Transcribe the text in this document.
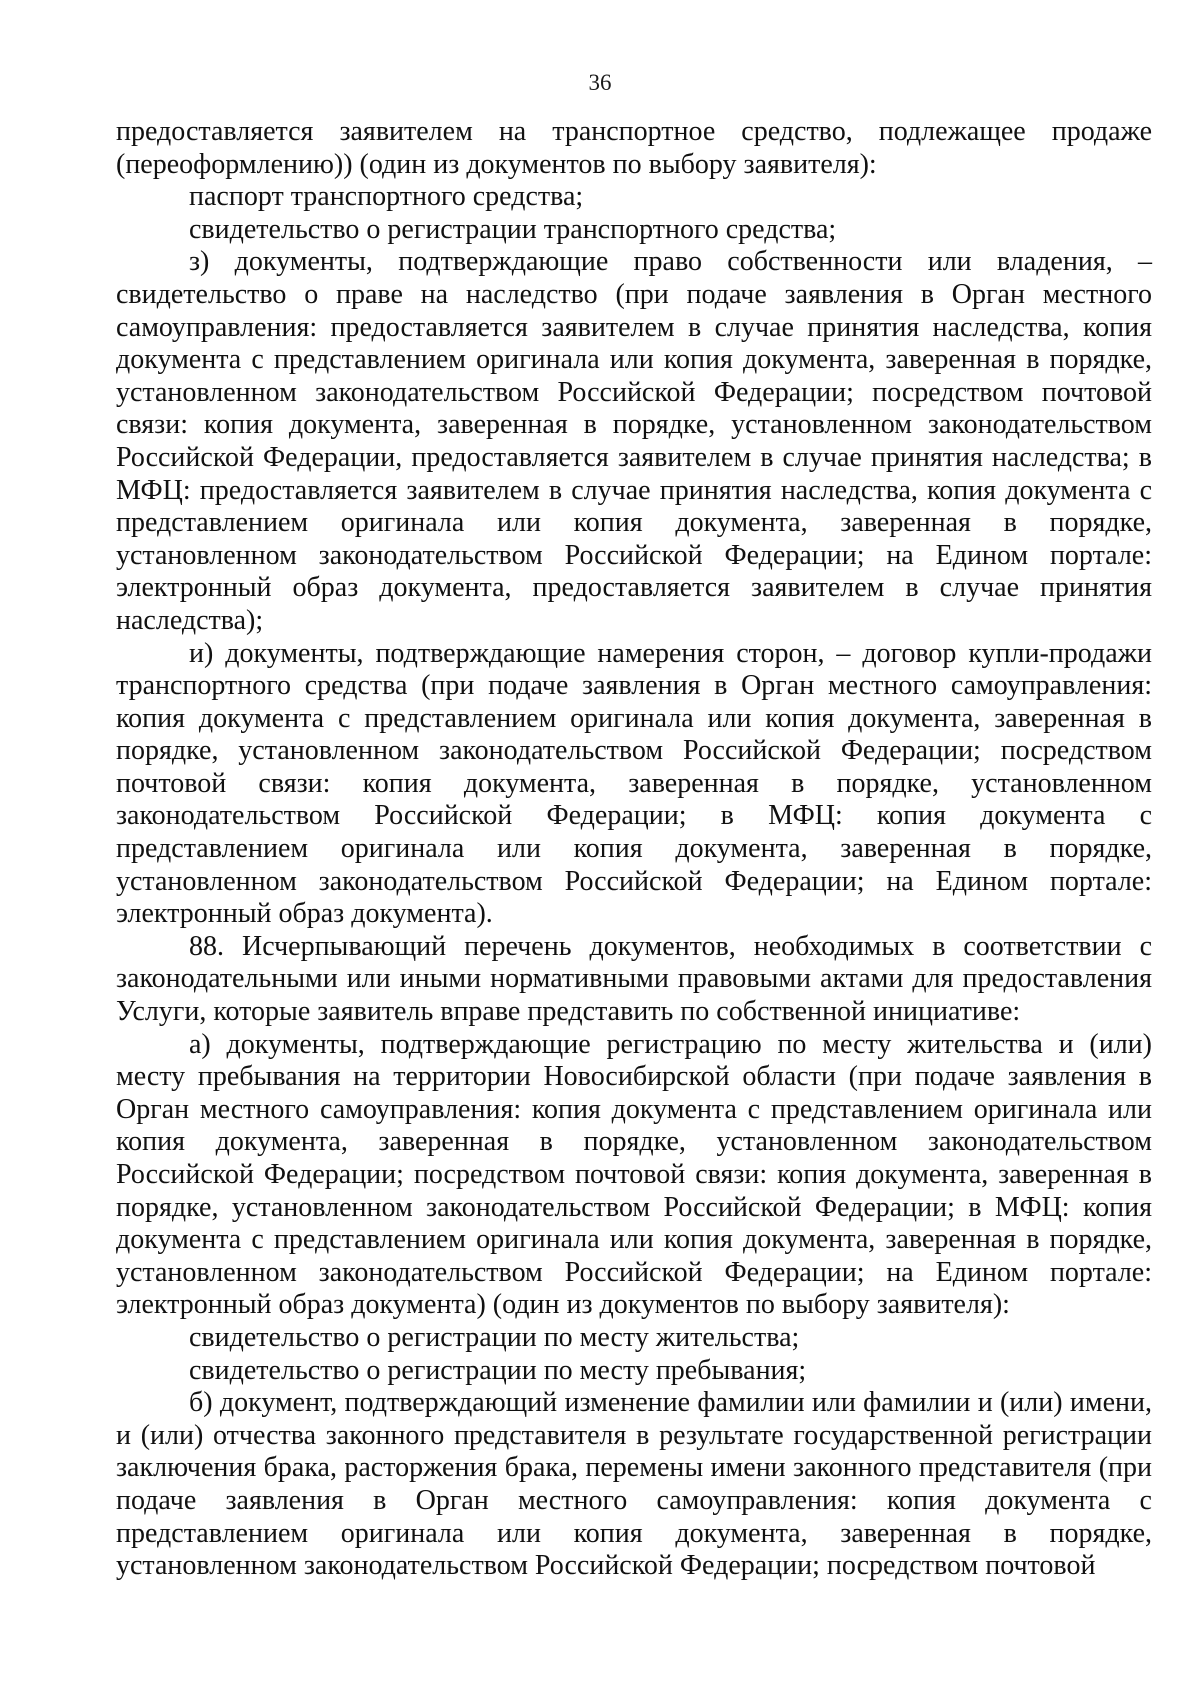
36

предоставляется заявителем на транспортное средство, подлежащее продаже (переоформлению)) (один из документов по выбору заявителя):

паспорт транспортного средства;

свидетельство о регистрации транспортного средства;

з) документы, подтверждающие право собственности или владения, – свидетельство о праве на наследство (при подаче заявления в Орган местного самоуправления: предоставляется заявителем в случае принятия наследства, копия документа с представлением оригинала или копия документа, заверенная в порядке, установленном законодательством Российской Федерации; посредством почтовой связи: копия документа, заверенная в порядке, установленном законодательством Российской Федерации, предоставляется заявителем в случае принятия наследства; в МФЦ: предоставляется заявителем в случае принятия наследства, копия документа с представлением оригинала или копия документа, заверенная в порядке, установленном законодательством Российской Федерации; на Едином портале: электронный образ документа, предоставляется заявителем в случае принятия наследства);

и) документы, подтверждающие намерения сторон, – договор купли-продажи транспортного средства (при подаче заявления в Орган местного самоуправления: копия документа с представлением оригинала или копия документа, заверенная в порядке, установленном законодательством Российской Федерации; посредством почтовой связи: копия документа, заверенная в порядке, установленном законодательством Российской Федерации; в МФЦ: копия документа с представлением оригинала или копия документа, заверенная в порядке, установленном законодательством Российской Федерации; на Едином портале: электронный образ документа).

88. Исчерпывающий перечень документов, необходимых в соответствии с законодательными или иными нормативными правовыми актами для предоставления Услуги, которые заявитель вправе представить по собственной инициативе:

а) документы, подтверждающие регистрацию по месту жительства и (или) месту пребывания на территории Новосибирской области (при подаче заявления в Орган местного самоуправления: копия документа с представлением оригинала или копия документа, заверенная в порядке, установленном законодательством Российской Федерации; посредством почтовой связи: копия документа, заверенная в порядке, установленном законодательством Российской Федерации; в МФЦ: копия документа с представлением оригинала или копия документа, заверенная в порядке, установленном законодательством Российской Федерации; на Едином портале: электронный образ документа) (один из документов по выбору заявителя):

свидетельство о регистрации по месту жительства;

свидетельство о регистрации по месту пребывания;

б) документ, подтверждающий изменение фамилии или фамилии и (или) имени, и (или) отчества законного представителя в результате государственной регистрации заключения брака, расторжения брака, перемены имени законного представителя (при подаче заявления в Орган местного самоуправления: копия документа с представлением оригинала или копия документа, заверенная в порядке, установленном законодательством Российской Федерации; посредством почтовой
